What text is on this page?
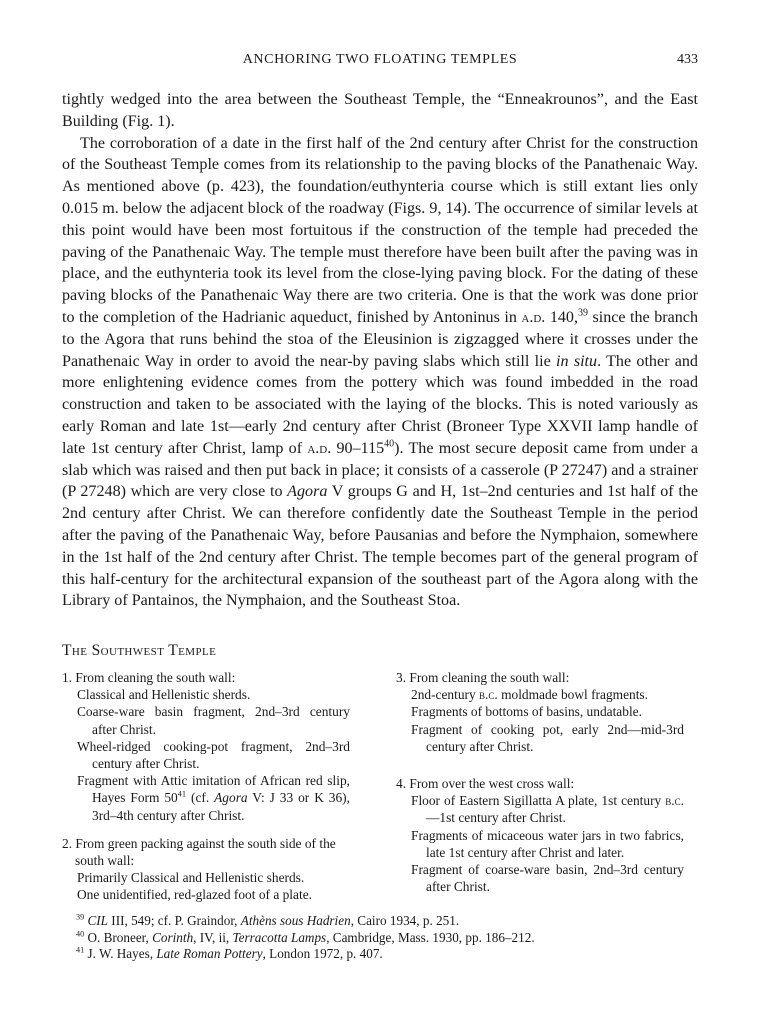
ANCHORING TWO FLOATING TEMPLES	433

tightly wedged into the area between the Southeast Temple, the “Enneakrounos”, and the East Building (Fig. 1).

The corroboration of a date in the first half of the 2nd century after Christ for the construction of the Southeast Temple comes from its relationship to the paving blocks of the Panathenaic Way. As mentioned above (p. 423), the foundation/euthynteria course which is still extant lies only 0.015 m. below the adjacent block of the roadway (Figs. 9, 14). The occurrence of similar levels at this point would have been most fortuitous if the construction of the temple had preceded the paving of the Panathenaic Way. The temple must therefore have been built after the paving was in place, and the euthynteria took its level from the close-lying paving block. For the dating of these paving blocks of the Panathenaic Way there are two criteria. One is that the work was done prior to the completion of the Hadrianic aqueduct, finished by Antoninus in a.d. 140,39 since the branch to the Agora that runs behind the stoa of the Eleusinion is zigzagged where it crosses under the Panathenaic Way in order to avoid the near-by paving slabs which still lie in situ. The other and more enlightening evidence comes from the pottery which was found imbedded in the road construction and taken to be associated with the laying of the blocks. This is noted variously as early Roman and late 1st—early 2nd century after Christ (Broneer Type XXVII lamp handle of late 1st century after Christ, lamp of a.d. $90-115^{40}$). The most secure deposit came from under a slab which was raised and then put back in place; it consists of a casserole (P 27247) and a strainer (P 27248) which are very close to Agora V groups G and H, 1st–2nd centuries and 1st half of the 2nd century after Christ. We can therefore confidently date the Southeast Temple in the period after the paving of the Panathenaic Way, before Pausanias and before the Nymphaion, somewhere in the 1st half of the 2nd century after Christ. The temple becomes part of the general program of this half-century for the architectural expansion of the southeast part of the Agora along with the Library of Pantainos, the Nymphaion, and the Southeast Stoa.

The Southwest Temple
1. From cleaning the south wall:
Classical and Hellenistic sherds.
Coarse-ware basin fragment, 2nd–3rd century after Christ.
Wheel-ridged cooking-pot fragment, 2nd–3rd century after Christ.
Fragment with Attic imitation of African red slip, Hayes Form $50^{41}$ (cf. Agora V: J 33 or K 36), 3rd–4th century after Christ.
2. From green packing against the south side of the south wall:
Primarily Classical and Hellenistic sherds.
One unidentified, red-glazed foot of a plate.
3. From cleaning the south wall:
2nd-century b.c. moldmade bowl fragments.
Fragments of bottoms of basins, undatable.
Fragment of cooking pot, early 2nd—mid-3rd century after Christ.
4. From over the west cross wall:
Floor of Eastern Sigillatta A plate, 1st century b.c.—1st century after Christ.
Fragments of micaceous water jars in two fabrics, late 1st century after Christ and later.
Fragment of coarse-ware basin, 2nd–3rd century after Christ.
$^{39}$ CIL III, 549; cf. P. Graindor, Athèns sous Hadrien, Cairo 1934, p. 251.
$^{40}$ O. Broneer, Corinth, IV, ii, Terracotta Lamps, Cambridge, Mass. 1930, pp. 186–212.
$^{41}$ J. W. Hayes, Late Roman Pottery, London 1972, p. 407.
